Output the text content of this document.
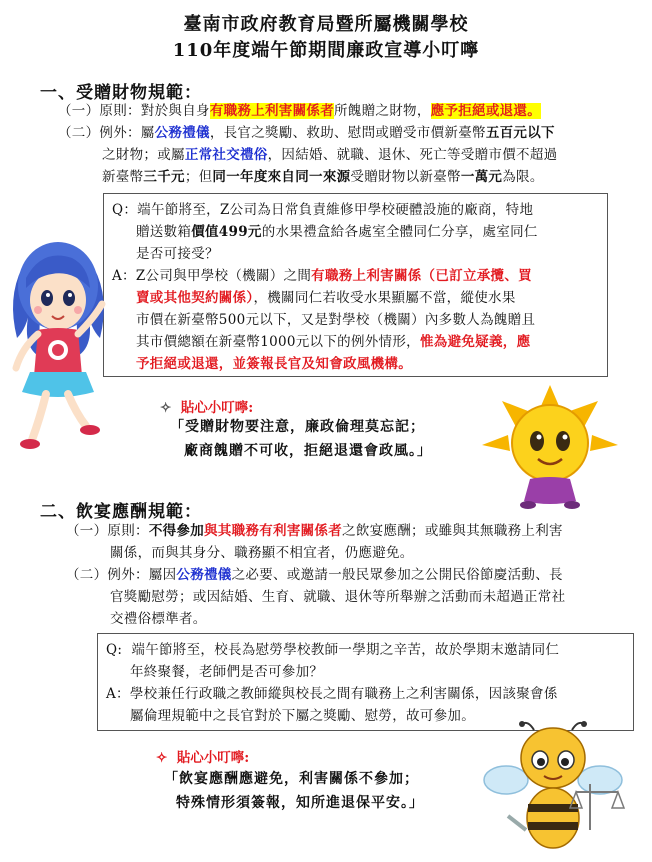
臺南市政府教育局暨所屬機關學校
110年度端午節期間廉政宣導小叮嚀
一、受贈財物規範：
（一）原則：對於與自身有職務上利害關係者所餽贈之財物，應予拒絕或退還。
（二）例外：屬公務禮儀，長官之獎勵、救助、慰問或贈受市價新臺幣五百元以下
之財物；或屬正常社交禮俗，因結婚、就職、退休、死亡等受贈市價不超過
新臺幣三千元；但同一年度來自同一來源受贈財物以新臺幣一萬元為限。
Q：端午節將至，Z公司為日常負責維修甲學校硬體設施的廠商，特地
贈送數箱價值499元的水果禮盒給各處室全體同仁分享，處室同仁
是否可接受？
A：Z公司與甲學校（機關）之間有職務上利害關係（已訂立承攬、買
賣或其他契約關係），機關同仁若收受水果顯屬不當，縱使水果
市價在新臺幣500元以下，又是對學校（機關）內多數人為餽贈且
其市價總額在新臺幣1000元以下的例外情形，惟為避免疑義，應
予拒絕或退還，並簽報長官及知會政風機構。
✧ 貼心小叮嚀:
「受贈財物要注意，廉政倫理莫忘記；
廠商餽贈不可收，拒絕退還會政風。」
二、飲宴應酬規範：
（一）原則：不得參加與其職務有利害關係者之飲宴應酬；或雖與其無職務上利害
關係，而與其身分、職務顯不相宜者，仍應避免。
（二）例外：屬因公務禮儀之必要、或邀請一般民眾參加之公開民俗節慶活動、長
官獎勵慰勞；或因結婚、生育、就職、退休等所舉辦之活動而未超過正常社
交禮俗標準者。
Q: 端午節將至，校長為慰勞學校教師一學期之辛苦，故於學期末邀請同仁
年終聚餐，老師們是否可參加？
A：學校兼任行政職之教師縱與校長之間有職務上之利害關係，因該聚會係
屬倫理規範中之長官對於下屬之獎勵、慰勞，故可參加。
✧ 貼心小叮嚀:
「飲宴應酬應避免，利害關係不參加；
特殊情形須簽報，知所進退保平安。」
